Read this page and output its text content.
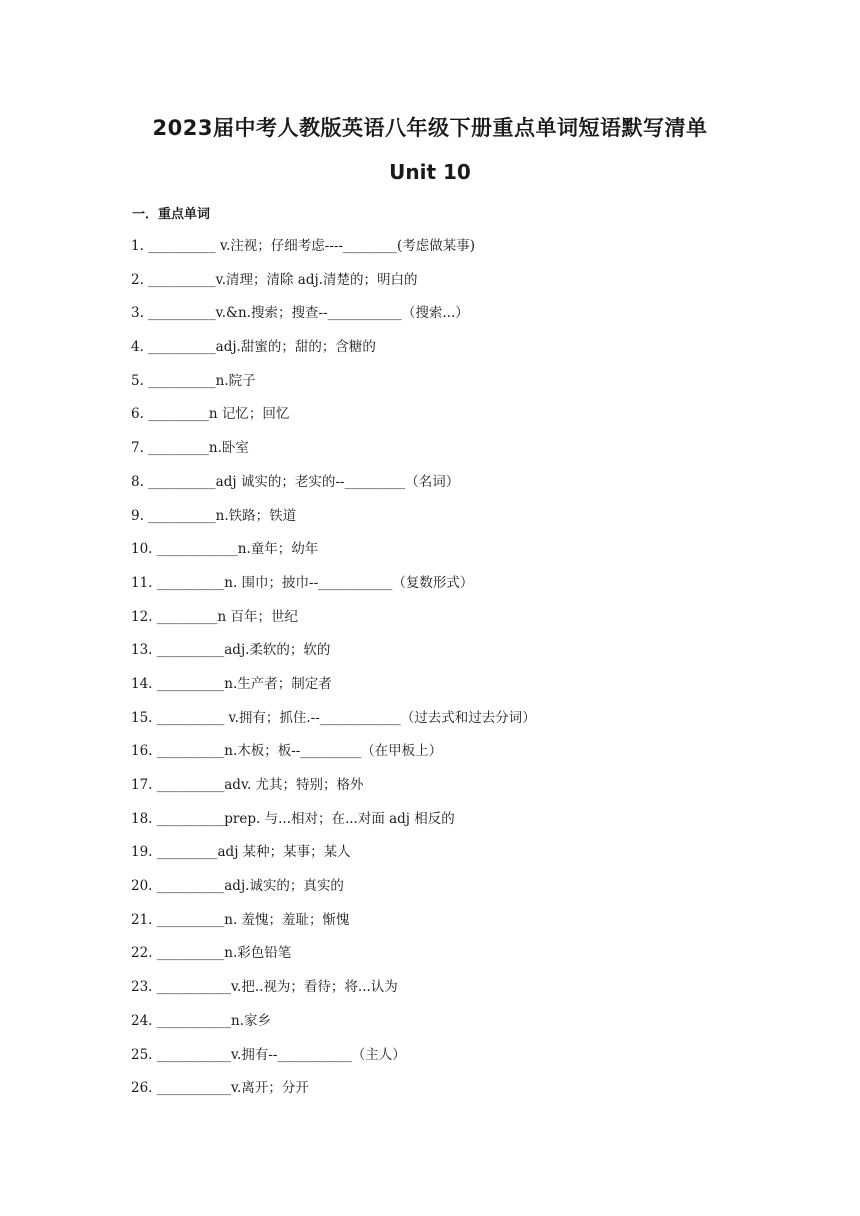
2023届中考人教版英语八年级下册重点单词短语默写清单
Unit 10
一．重点单词
1. __________ v.注视；仔细考虑----________(考虑做某事)
2. __________v.清理；清除 adj.清楚的；明白的
3. __________v.&n.搜索；搜查--___________（搜索...）
4. __________adj.甜蜜的；甜的；含糖的
5. __________n.院子
6. _________n 记忆；回忆
7. _________n.卧室
8. __________adj 诚实的；老实的--_________（名词）
9. __________n.铁路；铁道
10. ____________n.童年；幼年
11. __________n. 围巾；披巾--___________（复数形式）
12. _________n 百年；世纪
13. __________adj.柔软的；软的
14. __________n.生产者；制定者
15. __________ v.拥有；抓住.--____________（过去式和过去分词）
16. __________n.木板；板--_________（在甲板上）
17. __________adv. 尤其；特别；格外
18. __________prep. 与...相对；在...对面 adj 相反的
19. _________adj 某种；某事；某人
20. __________adj.诚实的；真实的
21. __________n. 羞愧；羞耻；惭愧
22. __________n.彩色铅笔
23. ___________v.把..视为；看待；将...认为
24. ___________n.家乡
25. ___________v.拥有--___________（主人）
26. ___________v.离开；分开
